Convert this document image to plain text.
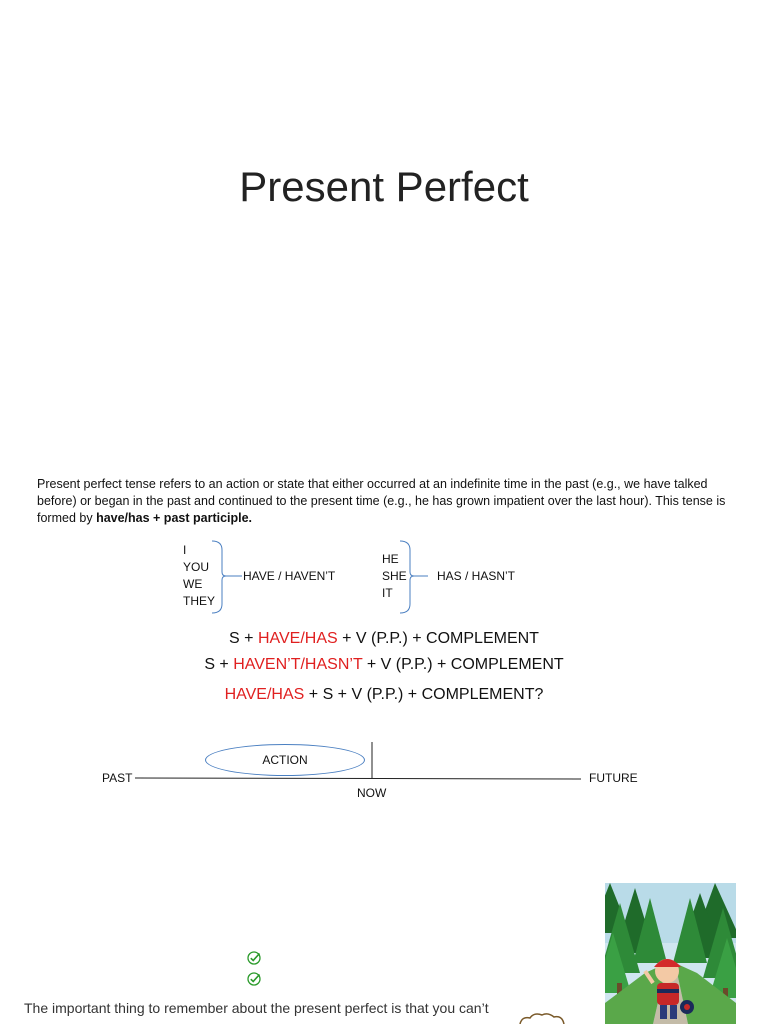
Present Perfect
Present perfect tense refers to an action or state that either occurred at an indefinite time in the past (e.g., we have talked before) or began in the past and continued to the present time (e.g., he has grown impatient over the last hour). This tense is formed by have/has + past participle.
I
YOU
WE
THEY
HAVE / HAVEN’T
HE
SHE
IT
HAS / HASN’T
S + HAVE/HAS + V (P.P.) + COMPLEMENT
S + HAVEN’T/HASN’T + V (P.P.) + COMPLEMENT
HAVE/HAS + S + V (P.P.) + COMPLEMENT?
PAST	FUTURE
NOW
ACTION
The important thing to remember about the present perfect is that you can’t
